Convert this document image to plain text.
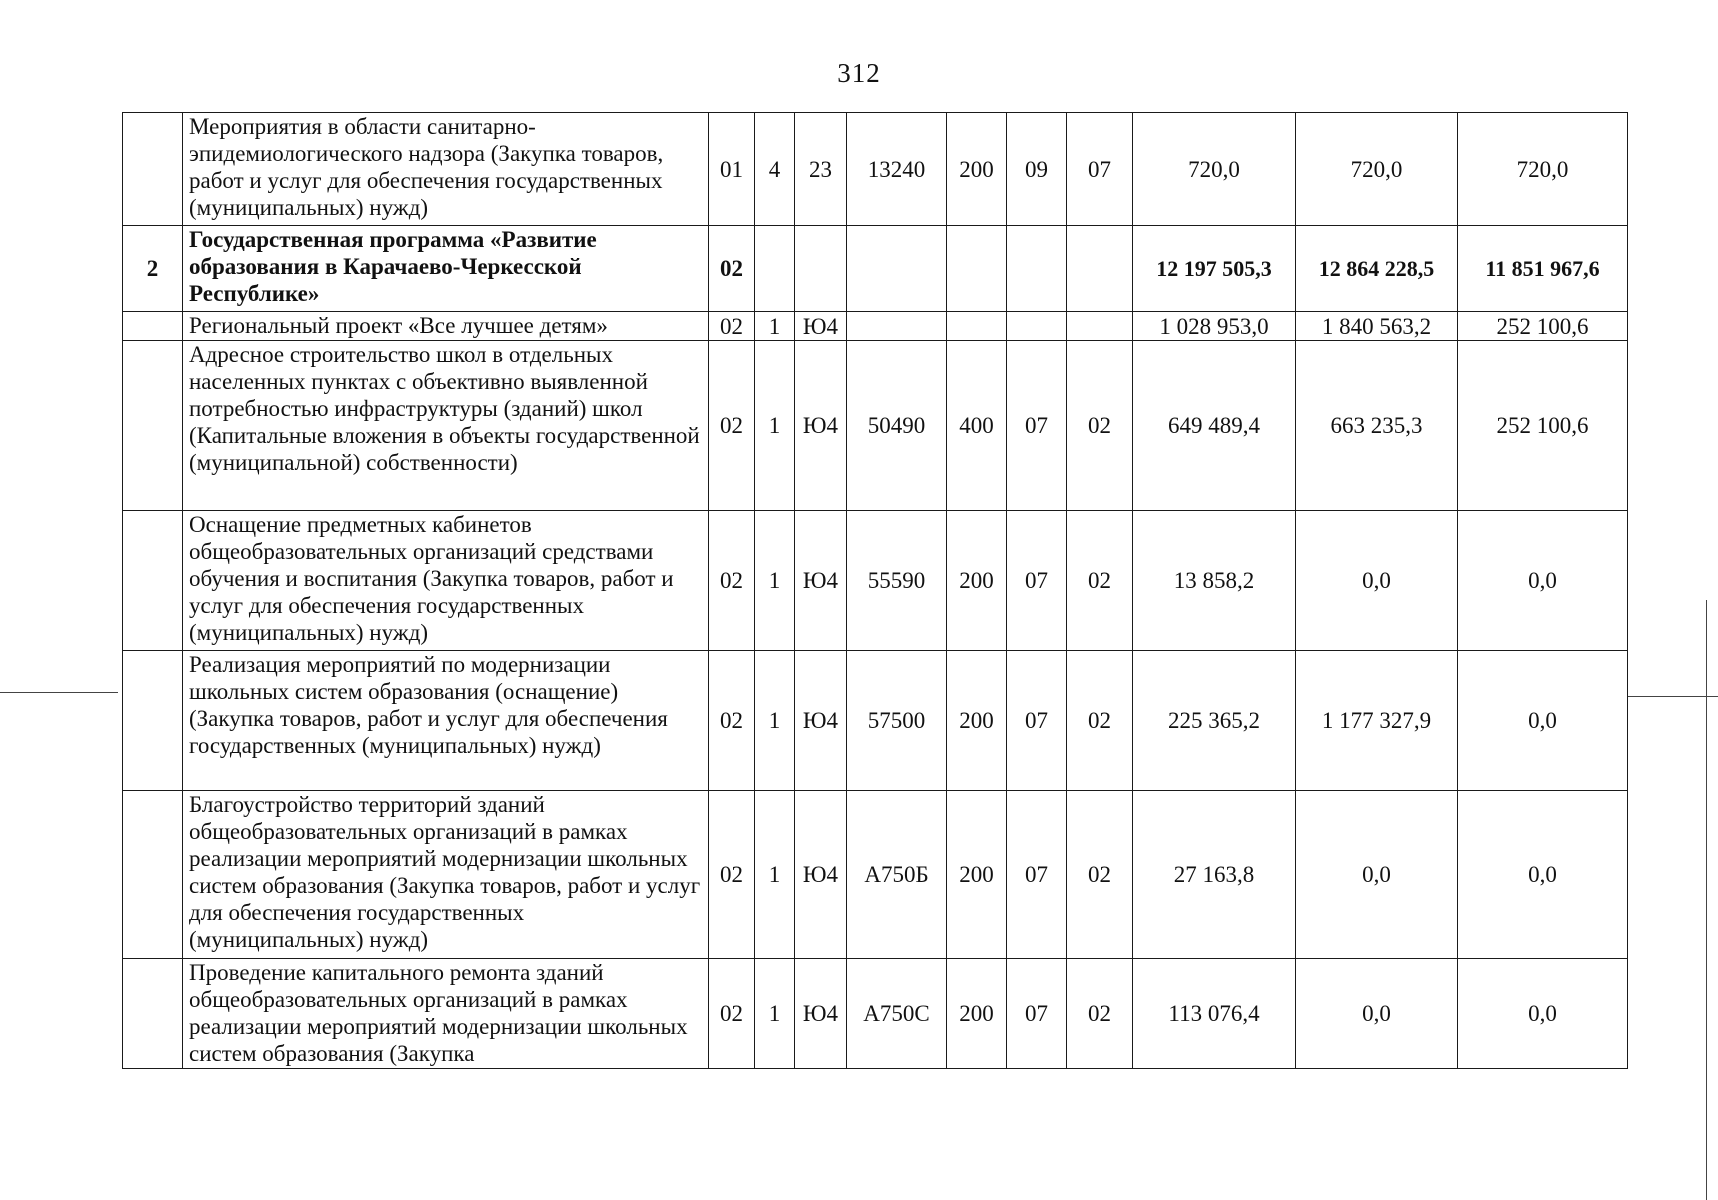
312
	Мероприятия в области санитарно-эпидемиологического надзора (Закупка товаров, работ и услуг для обеспечения государственных (муниципальных) нужд)	01	4	23	13240	200	09	07	720,0	720,0	720,0
2	Государственная программа «Развитие образования в Карачаево-Черкесской Республике»	02							12 197 505,3	12 864 228,5	11 851 967,6
	Региональный проект «Все лучшее детям»	02	1	Ю4					1 028 953,0	1 840 563,2	252 100,6
	Адресное строительство школ в отдельных населенных пунктах с объективно выявленной потребностью инфраструктуры (зданий) школ (Капитальные вложения в объекты государственной (муниципальной) собственности)	02	1	Ю4	50490	400	07	02	649 489,4	663 235,3	252 100,6
	Оснащение предметных кабинетов общеобразовательных организаций средствами обучения и воспитания (Закупка товаров, работ и услуг для обеспечения государственных (муниципальных) нужд)	02	1	Ю4	55590	200	07	02	13 858,2	0,0	0,0
	Реализация мероприятий по модернизации школьных систем образования (оснащение) (Закупка товаров, работ и услуг для обеспечения государственных (муниципальных) нужд)	02	1	Ю4	57500	200	07	02	225 365,2	1 177 327,9	0,0
	Благоустройство территорий зданий общеобразовательных организаций в рамках реализации мероприятий модернизации школьных систем образования (Закупка товаров, работ и услуг для обеспечения государственных (муниципальных) нужд)	02	1	Ю4	А750Б	200	07	02	27 163,8	0,0	0,0
	Проведение капитального ремонта зданий общеобразовательных организаций в рамках реализации мероприятий модернизации школьных систем образования (Закупка	02	1	Ю4	А750С	200	07	02	113 076,4	0,0	0,0
